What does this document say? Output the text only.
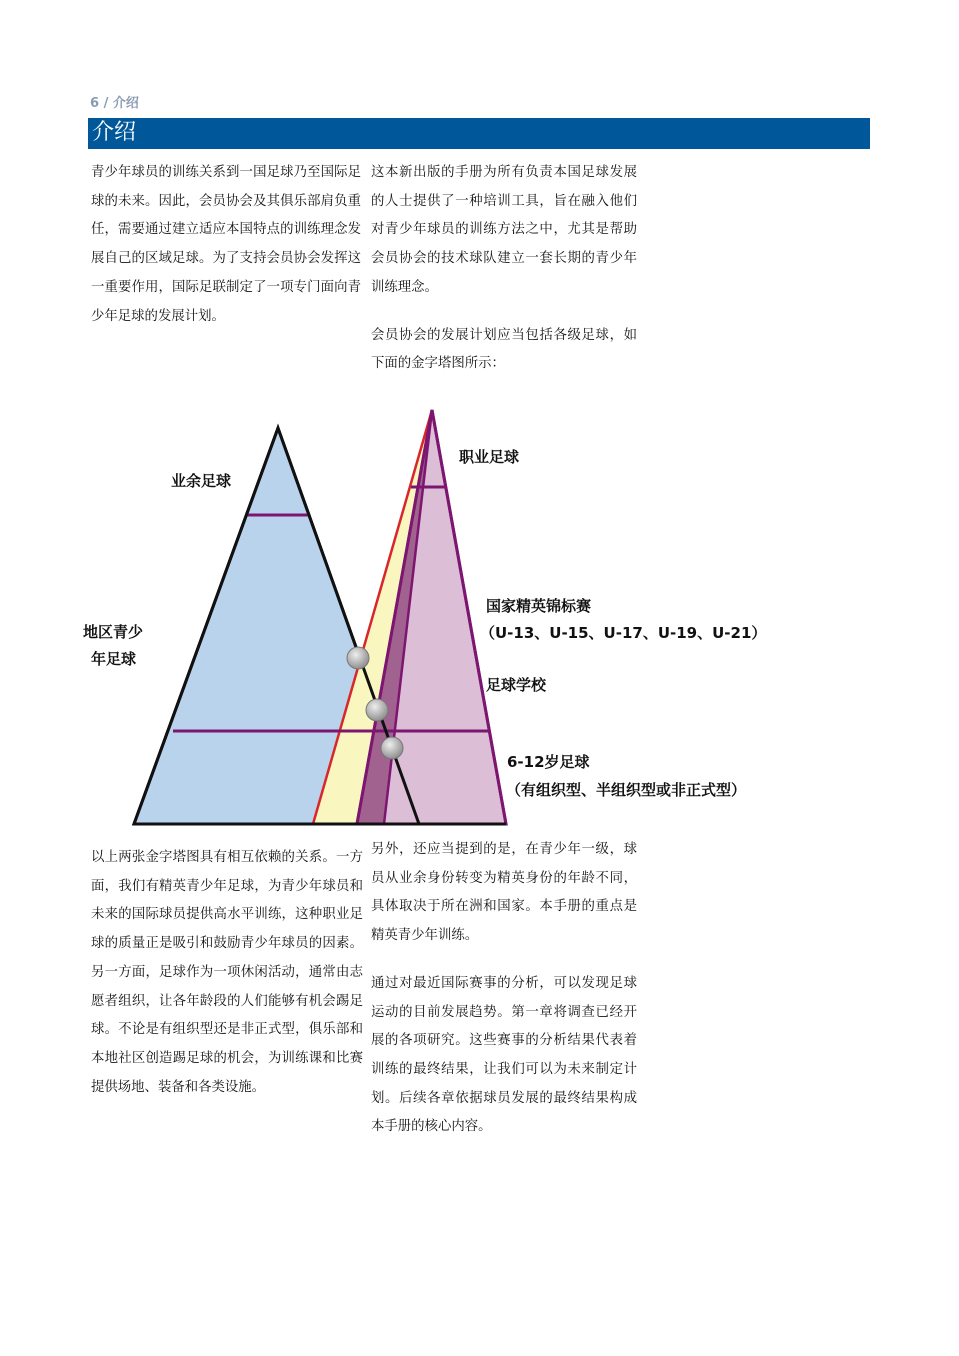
6 / 介绍
介绍

青少年球员的训练关系到一国足球乃至国际足球的未来。因此，会员协会及其俱乐部肩负重任，需要通过建立适应本国特点的训练理念发展自己的区域足球。为了支持会员协会发挥这一重要作用，国际足联制定了一项专门面向青少年足球的发展计划。

这本新出版的手册为所有负责本国足球发展的人士提供了一种培训工具，旨在融入他们对青少年球员的训练方法之中，尤其是帮助会员协会的技术球队建立一套长期的青少年训练理念。

会员协会的发展计划应当包括各级足球，如下面的金字塔图所示：

业余足球
地区青少
年足球
职业足球
国家精英锦标赛
（U-13、U-15、U-17、U-19、U-21）
足球学校
6-12岁足球
（有组织型、半组织型或非正式型）

以上两张金字塔图具有相互依赖的关系。一方面，我们有精英青少年足球，为青少年球员和未来的国际球员提供高水平训练，这种职业足球的质量正是吸引和鼓励青少年球员的因素。另一方面，足球作为一项休闲活动，通常由志愿者组织，让各年龄段的人们能够有机会踢足球。不论是有组织型还是非正式型，俱乐部和本地社区创造踢足球的机会，为训练课和比赛提供场地、装备和各类设施。

另外，还应当提到的是，在青少年一级，球员从业余身份转变为精英身份的年龄不同，具体取决于所在洲和国家。本手册的重点是精英青少年训练。

通过对最近国际赛事的分析，可以发现足球运动的目前发展趋势。第一章将调查已经开展的各项研究。这些赛事的分析结果代表着训练的最终结果，让我们可以为未来制定计划。后续各章依据球员发展的最终结果构成本手册的核心内容。
